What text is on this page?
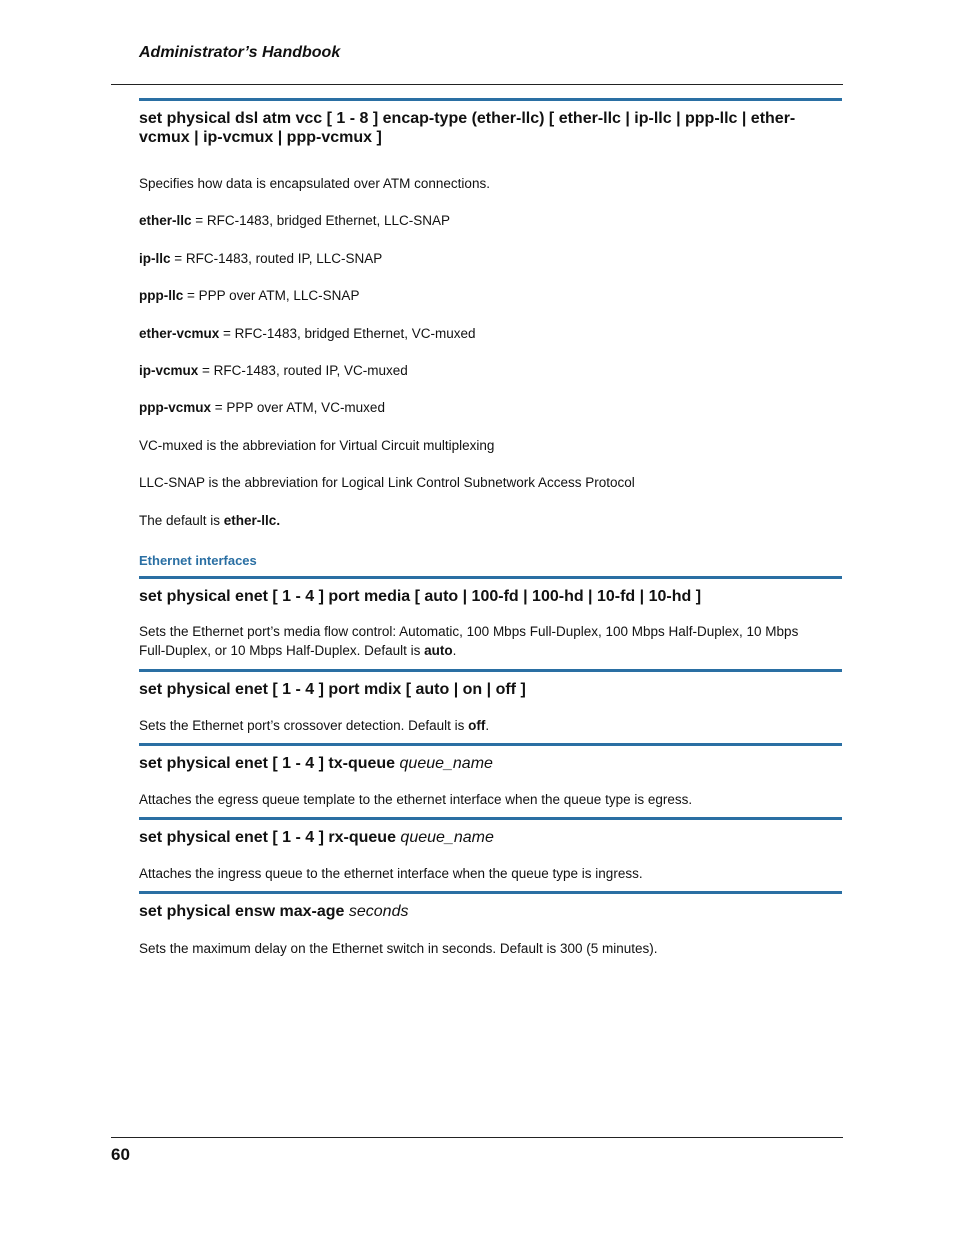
Administrator’s Handbook
set physical dsl atm vcc [ 1 - 8 ] encap-type (ether-llc) [ ether-llc | ip-llc | ppp-llc | ether-
vcmux | ip-vcmux | ppp-vcmux ]
Specifies how data is encapsulated over ATM connections.
ether-llc = RFC-1483, bridged Ethernet, LLC-SNAP
ip-llc = RFC-1483, routed IP, LLC-SNAP
ppp-llc = PPP over ATM, LLC-SNAP
ether-vcmux = RFC-1483, bridged Ethernet, VC-muxed
ip-vcmux = RFC-1483, routed IP, VC-muxed
ppp-vcmux = PPP over ATM, VC-muxed
VC-muxed is the abbreviation for Virtual Circuit multiplexing
LLC-SNAP is the abbreviation for Logical Link Control Subnetwork Access Protocol
The default is ether-llc.
Ethernet interfaces
set physical enet [ 1 - 4 ] port media [ auto | 100-fd | 100-hd | 10-fd | 10-hd ]
Sets the Ethernet port’s media flow control: Automatic, 100 Mbps Full-Duplex, 100 Mbps Half-Duplex, 10 Mbps
Full-Duplex, or 10 Mbps Half-Duplex. Default is auto.
set physical enet [ 1 - 4 ] port mdix [ auto | on | off ]
Sets the Ethernet port’s crossover detection. Default is off.
set physical enet [ 1 - 4 ] tx-queue queue_name
Attaches the egress queue template to the ethernet interface when the queue type is egress.
set physical enet [ 1 - 4 ] rx-queue queue_name
Attaches the ingress queue to the ethernet interface when the queue type is ingress.
set physical ensw max-age seconds
Sets the maximum delay on the Ethernet switch in seconds. Default is 300 (5 minutes).
60
